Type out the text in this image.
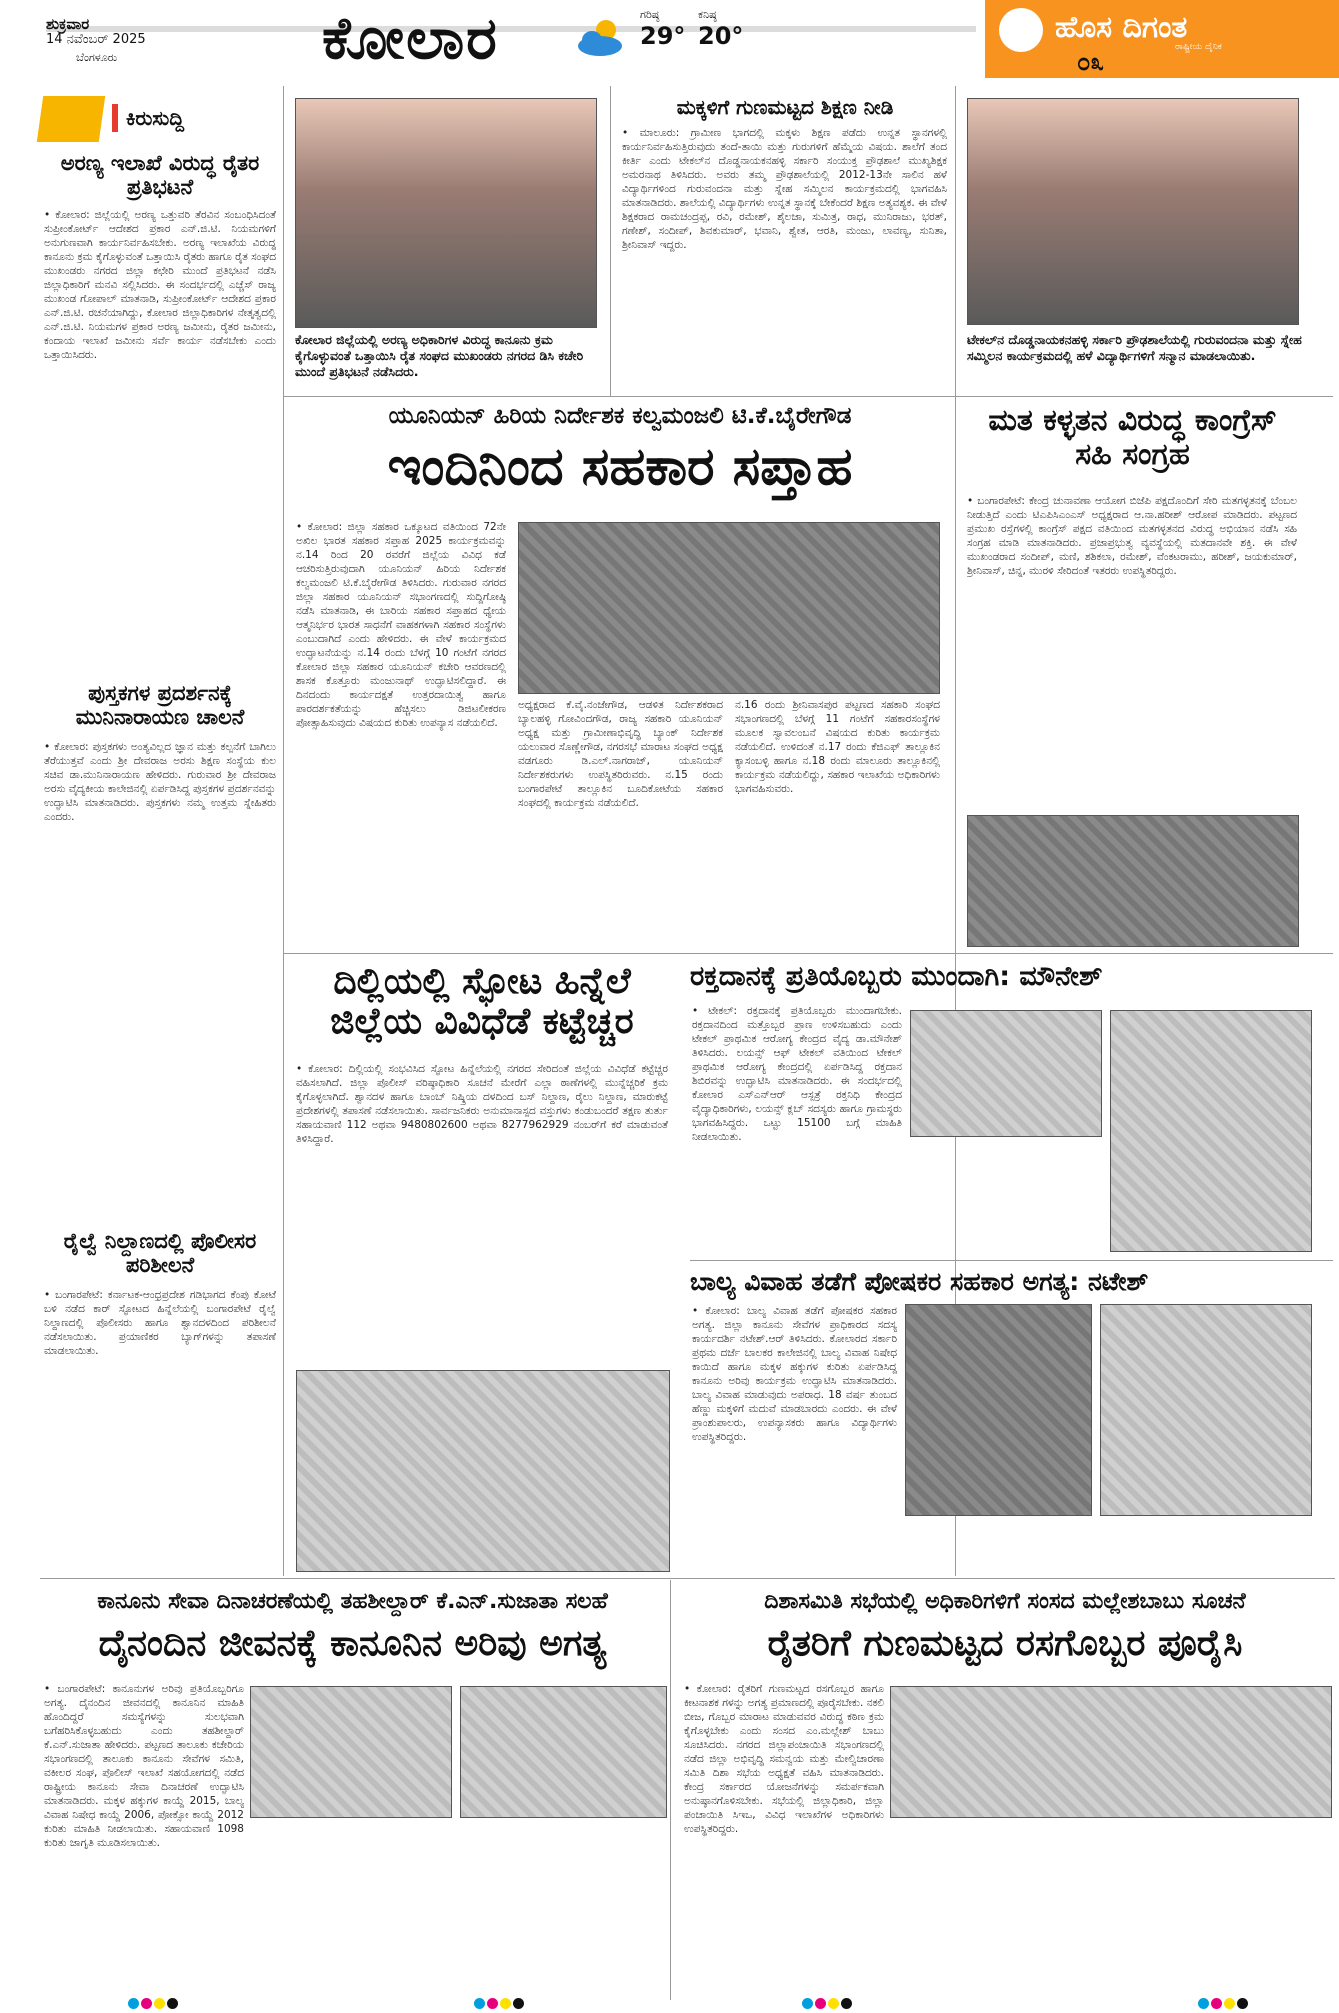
ಶುಕ್ರವಾರ
14 ನವೆಂಬರ್ 2025
ಬೆಂಗಳೂರು	ಕೋಲಾರ	ಗರಿಷ್ಠ
29°
ಕನಿಷ್ಠ
20°	ಹೊಸ ದಿಗಂತ
ರಾಷ್ಟ್ರೀಯ ದೈನಿಕ
೦೩
ಕಿರುಸುದ್ದಿ
ಅರಣ್ಯ ಇಲಾಖೆ ವಿರುದ್ಧ ರೈತರ ಪ್ರತಿಭಟನೆ
• ಕೋಲಾರ: ಜಿಲ್ಲೆಯಲ್ಲಿ ಅರಣ್ಯ ಒತ್ತುವರಿ ತೆರವಿನ ಸಂಬಂಧಿಸಿದಂತೆ ಸುಪ್ರೀಂಕೋರ್ಟ್ ಆದೇಶದ ಪ್ರಕಾರ ಎನ್.ಜಿ.ಟಿ. ನಿಯಮಗಳಿಗೆ ಅನುಗುಣವಾಗಿ ಕಾರ್ಯನಿರ್ವಹಿಸಬೇಕು. ಅರಣ್ಯ ಇಲಾಖೆಯ ವಿರುದ್ಧ ಕಾನೂನು ಕ್ರಮ ಕೈಗೊಳ್ಳುವಂತೆ ಒತ್ತಾಯಿಸಿ ರೈತರು ಹಾಗೂ ರೈತ ಸಂಘದ ಮುಖಂಡರು ನಗರದ ಜಿಲ್ಲಾ ಕಛೇರಿ ಮುಂದೆ ಪ್ರತಿಭಟನೆ ನಡೆಸಿ ಜಿಲ್ಲಾಧಿಕಾರಿಗೆ ಮನವಿ ಸಲ್ಲಿಸಿದರು. ಈ ಸಂದರ್ಭದಲ್ಲಿ ಎಚ್ಚೆಸ್ ರಾಜ್ಯ ಮುಖಂಡ ಗೋಪಾಲ್ ಮಾತನಾಡಿ, ಸುಪ್ರೀಂಕೋರ್ಟ್ ಆದೇಶದ ಪ್ರಕಾರ ಎನ್.ಜಿ.ಟಿ. ರಚನೆಯಾಗಿದ್ದು, ಕೋಲಾರ ಜಿಲ್ಲಾಧಿಕಾರಿಗಳ ನೇತೃತ್ವದಲ್ಲಿ ಎನ್.ಜಿ.ಟಿ. ನಿಯಮಗಳ ಪ್ರಕಾರ ಅರಣ್ಯ ಜಮೀನು, ರೈತರ ಜಮೀನು, ಕಂದಾಯ ಇಲಾಖೆ ಜಮೀನು ಸರ್ವೆ ಕಾರ್ಯ ನಡೆಸಬೇಕು ಎಂದು ಒತ್ತಾಯಿಸಿದರು.
ಪುಸ್ತಕಗಳ ಪ್ರದರ್ಶನಕ್ಕೆ ಮುನಿನಾರಾಯಣ ಚಾಲನೆ
• ಕೋಲಾರ: ಪುಸ್ತಕಗಳು ಅಂತ್ಯವಿಲ್ಲದ ಜ್ಞಾನ ಮತ್ತು ಕಲ್ಪನೆಗೆ ಬಾಗಿಲು ತೆರೆಯುತ್ತವೆ ಎಂದು ಶ್ರೀ ದೇವರಾಜ ಅರಸು ಶಿಕ್ಷಣ ಸಂಸ್ಥೆಯ ಕುಲ ಸಚಿವ ಡಾ.ಮುನಿನಾರಾಯಣ ಹೇಳಿದರು. ಗುರುವಾರ ಶ್ರೀ ದೇವರಾಜ ಅರಸು ವೈದ್ಯಕೀಯ ಕಾಲೇಜಿನಲ್ಲಿ ಏರ್ಪಡಿಸಿದ್ದ ಪುಸ್ತಕಗಳ ಪ್ರದರ್ಶನವನ್ನು ಉದ್ಘಾಟಿಸಿ ಮಾತನಾಡಿದರು. ಪುಸ್ತಕಗಳು ನಮ್ಮ ಉತ್ತಮ ಸ್ನೇಹಿತರು ಎಂದರು.
ರೈಲ್ವೆ ನಿಲ್ದಾಣದಲ್ಲಿ ಪೊಲೀಸರ ಪರಿಶೀಲನೆ
• ಬಂಗಾರಪೇಟೆ: ಕರ್ನಾಟಕ-ಆಂಧ್ರಪ್ರದೇಶ ಗಡಿಭಾಗದ ಕೆಂಪು ಕೋಟೆ ಬಳಿ ನಡೆದ ಕಾರ್ ಸ್ಫೋಟದ ಹಿನ್ನೆಲೆಯಲ್ಲಿ ಬಂಗಾರಪೇಟೆ ರೈಲ್ವೆ ನಿಲ್ದಾಣದಲ್ಲಿ ಪೊಲೀಸರು ಹಾಗೂ ಶ್ವಾನದಳದಿಂದ ಪರಿಶೀಲನೆ ನಡೆಸಲಾಯಿತು. ಪ್ರಯಾಣಿಕರ ಬ್ಯಾಗ್‌ಗಳನ್ನು ತಪಾಸಣೆ ಮಾಡಲಾಯಿತು.
ಕೋಲಾರ ಜಿಲ್ಲೆಯಲ್ಲಿ ಅರಣ್ಯ ಅಧಿಕಾರಿಗಳ ವಿರುದ್ಧ ಕಾನೂನು ಕ್ರಮ ಕೈಗೊಳ್ಳುವಂತೆ ಒತ್ತಾಯಿಸಿ ರೈತ ಸಂಘದ ಮುಖಂಡರು ನಗರದ ಡಿಸಿ ಕಚೇರಿ ಮುಂದೆ ಪ್ರತಿಭಟನೆ ನಡೆಸಿದರು.
ಮಕ್ಕಳಿಗೆ ಗುಣಮಟ್ಟದ ಶಿಕ್ಷಣ ನೀಡಿ
• ಮಾಲೂರು: ಗ್ರಾಮೀಣ ಭಾಗದಲ್ಲಿ ಮಕ್ಕಳು ಶಿಕ್ಷಣ ಪಡೆದು ಉನ್ನತ ಸ್ಥಾನಗಳಲ್ಲಿ ಕಾರ್ಯನಿರ್ವಹಿಸುತ್ತಿರುವುದು ತಂದೆ-ತಾಯಿ ಮತ್ತು ಗುರುಗಳಿಗೆ ಹೆಮ್ಮೆಯ ವಿಷಯ. ಶಾಲೆಗೆ ತಂದ ಕೀರ್ತಿ ಎಂದು ಟೇಕಲ್‌ನ ದೊಡ್ಡನಾಯಕನಹಳ್ಳಿ ಸರ್ಕಾರಿ ಸಂಯುಕ್ತ ಪ್ರೌಢಶಾಲೆ ಮುಖ್ಯಶಿಕ್ಷಕ ಅಮರನಾಥ ತಿಳಿಸಿದರು. ಅವರು ತಮ್ಮ ಪ್ರೌಢಶಾಲೆಯಲ್ಲಿ 2012-13ನೇ ಸಾಲಿನ ಹಳೆ ವಿದ್ಯಾರ್ಥಿಗಳಿಂದ ಗುರುವಂದನಾ ಮತ್ತು ಸ್ನೇಹ ಸಮ್ಮಿಲನ ಕಾರ್ಯಕ್ರಮದಲ್ಲಿ ಭಾಗವಹಿಸಿ ಮಾತನಾಡಿದರು. ಶಾಲೆಯಲ್ಲಿ ವಿದ್ಯಾರ್ಥಿಗಳು ಉನ್ನತ ಸ್ಥಾನಕ್ಕೆ ಬೇಕೆಂದರೆ ಶಿಕ್ಷಣ ಅತ್ಯವಶ್ಯಕ. ಈ ವೇಳೆ ಶಿಕ್ಷಕರಾದ ರಾಮಚಂದ್ರಪ್ಪ, ರವಿ, ರಮೇಶ್, ಶೈಲಜಾ, ಸುಮಿತ್ರ, ರಾಧ, ಮುನಿರಾಜು, ಭರತ್, ಗಣೇಶ್, ಸಂದೀಪ್, ಶಿವಕುಮಾರ್, ಭವಾನಿ, ಶ್ವೇತ, ಆರತಿ, ಮಂಜು, ಲಾವಣ್ಯ, ಸುನಿತಾ, ಶ್ರೀನಿವಾಸ್ ಇದ್ದರು.
ಟೇಕಲ್‌ನ ದೊಡ್ಡನಾಯಕನಹಳ್ಳಿ ಸರ್ಕಾರಿ ಪ್ರೌಢಶಾಲೆಯಲ್ಲಿ ಗುರುವಂದನಾ ಮತ್ತು ಸ್ನೇಹ ಸಮ್ಮಿಲನ ಕಾರ್ಯಕ್ರಮದಲ್ಲಿ ಹಳೆ ವಿದ್ಯಾರ್ಥಿಗಳಿಗೆ ಸನ್ಮಾನ ಮಾಡಲಾಯಿತು.
ಯೂನಿಯನ್ ಹಿರಿಯ ನಿರ್ದೇಶಕ ಕಲ್ವಮಂಜಲಿ ಟಿ.ಕೆ.ಬೈರೇಗೌಡ
ಇಂದಿನಿಂದ ಸಹಕಾರ ಸಪ್ತಾಹ
• ಕೋಲಾರ: ಜಿಲ್ಲಾ ಸಹಕಾರ ಒಕ್ಕೂಟದ ವತಿಯಿಂದ 72ನೇ ಅಖಿಲ ಭಾರತ ಸಹಕಾರ ಸಪ್ತಾಹ 2025 ಕಾರ್ಯಕ್ರಮವನ್ನು ನ.14 ರಿಂದ 20 ರವರೆಗೆ ಜಿಲ್ಲೆಯ ವಿವಿಧ ಕಡೆ ಆಚರಿಸುತ್ತಿರುವುದಾಗಿ ಯೂನಿಯನ್ ಹಿರಿಯ ನಿರ್ದೇಶಕ ಕಲ್ವಮಂಜಲಿ ಟಿ.ಕೆ.ಬೈರೇಗೌಡ ತಿಳಿಸಿದರು. ಗುರುವಾರ ನಗರದ ಜಿಲ್ಲಾ ಸಹಕಾರ ಯೂನಿಯನ್ ಸಭಾಂಗಣದಲ್ಲಿ ಸುದ್ದಿಗೋಷ್ಠಿ ನಡೆಸಿ ಮಾತನಾಡಿ, ಈ ಬಾರಿಯ ಸಹಕಾರ ಸಪ್ತಾಹದ ಧ್ಯೇಯ ಆತ್ಮನಿರ್ಭರ ಭಾರತ ಸಾಧನೆಗೆ ವಾಹಕಗಳಾಗಿ ಸಹಕಾರ ಸಂಸ್ಥೆಗಳು ಎಂಬುದಾಗಿದೆ ಎಂದು ಹೇಳಿದರು. ಈ ವೇಳೆ ಕಾರ್ಯಕ್ರಮದ ಉದ್ಘಾಟನೆಯನ್ನು ನ.14 ರಂದು ಬೆಳಗ್ಗೆ 10 ಗಂಟೆಗೆ ನಗರದ ಕೋಲಾರ ಜಿಲ್ಲಾ ಸಹಕಾರ ಯೂನಿಯನ್ ಕಚೇರಿ ಆವರಣದಲ್ಲಿ ಶಾಸಕ ಕೊತ್ತೂರು ಮಂಜುನಾಥ್ ಉದ್ಘಾಟಿಸಲಿದ್ದಾರೆ. ಈ ದಿನದಂದು ಕಾರ್ಯದಕ್ಷತೆ ಉತ್ತರದಾಯಿತ್ವ ಹಾಗೂ ಪಾರದರ್ಶಕತೆಯನ್ನು ಹೆಚ್ಚಿಸಲು ಡಿಜಿಟಲೀಕರಣ ಪೋತ್ಸಾಹಿಸುವುದು ವಿಷಯದ ಕುರಿತು ಉಪನ್ಯಾಸ ನಡೆಯಲಿದೆ.
ಅಧ್ಯಕ್ಷರಾದ ಕೆ.ವೈ.ನಂಜೇಗೌಡ, ಆಡಳಿತ ನಿರ್ದೇಶಕರಾದ ಬ್ಯಾಲಹಳ್ಳಿ ಗೋವಿಂದಗೌಡ, ರಾಜ್ಯ ಸಹಕಾರಿ ಯೂನಿಯನ್ ಅಧ್ಯಕ್ಷ ಮತ್ತು ಗ್ರಾಮೀಣಾಭಿವೃದ್ಧಿ ಬ್ಯಾಂಕ್ ನಿರ್ದೇಶಕ ಯಲುವಾರ ಸೊಣ್ಣೇಗೌಡ, ನಗರಸಭೆ ಮಾರಾಟ ಸಂಘದ ಅಧ್ಯಕ್ಷ ವಡಗೂರು ಡಿ.ಎಲ್.ನಾಗರಾಜ್, ಯೂನಿಯನ್ ನಿರ್ದೇಶಕರುಗಳು ಉಪಸ್ಥಿತರಿರುವರು. ನ.15 ರಂದು ಬಂಗಾರಪೇಟೆ ತಾಲ್ಲೂಕಿನ ಬೂದಿಕೋಟೆಯ ಸಹಕಾರ ಸಂಘದಲ್ಲಿ ಕಾರ್ಯಕ್ರಮ ನಡೆಯಲಿದೆ.
ನ.16 ರಂದು ಶ್ರೀನಿವಾಸಪುರ ಪಟ್ಟಣದ ಸಹಕಾರಿ ಸಂಘದ ಸಭಾಂಗಣದಲ್ಲಿ ಬೆಳಗ್ಗೆ 11 ಗಂಟೆಗೆ ಸಹಕಾರಸಂಸ್ಥೆಗಳ ಮೂಲಕ ಸ್ವಾವಲಂಬನೆ ವಿಷಯದ ಕುರಿತು ಕಾರ್ಯಕ್ರಮ ನಡೆಯಲಿದೆ. ಉಳಿದಂತೆ ನ.17 ರಂದು ಕೆಜಿಎಫ್ ತಾಲ್ಲೂಕಿನ ಕ್ಯಾಸಂಬಳ್ಳಿ ಹಾಗೂ ನ.18 ರಂದು ಮಾಲೂರು ತಾಲ್ಲೂಕಿನಲ್ಲಿ ಕಾರ್ಯಕ್ರಮ ನಡೆಯಲಿದ್ದು, ಸಹಕಾರ ಇಲಾಖೆಯ ಅಧಿಕಾರಿಗಳು ಭಾಗವಹಿಸುವರು.
ಮತ ಕಳ್ಳತನ ವಿರುದ್ಧ ಕಾಂಗ್ರೆಸ್ ಸಹಿ ಸಂಗ್ರಹ
• ಬಂಗಾರಪೇಟೆ: ಕೇಂದ್ರ ಚುನಾವಣಾ ಆಯೋಗ ಬಿಜೆಪಿ ಪಕ್ಷದೊಂದಿಗೆ ಸೇರಿ ಮತಗಳ್ಳತನಕ್ಕೆ ಬೆಂಬಲ ನೀಡುತ್ತಿದೆ ಎಂದು ಟಿಎಪಿಸಿಎಂಎಸ್ ಅಧ್ಯಕ್ಷರಾದ ಆ.ನಾ.ಹರೀಶ್ ಆರೋಪ ಮಾಡಿದರು. ಪಟ್ಟಣದ ಪ್ರಮುಖ ರಸ್ತೆಗಳಲ್ಲಿ ಕಾಂಗ್ರೆಸ್ ಪಕ್ಷದ ವತಿಯಿಂದ ಮತಗಳ್ಳತನದ ವಿರುದ್ಧ ಅಭಿಯಾನ ನಡೆಸಿ ಸಹಿ ಸಂಗ್ರಹ ಮಾಡಿ ಮಾತನಾಡಿದರು. ಪ್ರಜಾಪ್ರಭುತ್ವ ವ್ಯವಸ್ಥೆಯಲ್ಲಿ ಮತದಾನವೇ ಶಕ್ತಿ. ಈ ವೇಳೆ ಮುಖಂಡರಾದ ಸಂದೀಪ್, ಮಣಿ, ಶಶಿಕಲಾ, ರಮೇಶ್, ವೆಂಕಟರಾಮು, ಹರೀಶ್, ಜಯಕುಮಾರ್, ಶ್ರೀನಿವಾಸ್, ಚಿನ್ನ, ಮುರಳಿ ಸೇರಿದಂತೆ ಇತರರು ಉಪಸ್ಥಿತರಿದ್ದರು.
ದಿಲ್ಲಿಯಲ್ಲಿ ಸ್ಫೋಟ ಹಿನ್ನೆಲೆ ಜಿಲ್ಲೆಯ ವಿವಿಧೆಡೆ ಕಟ್ಟೆಚ್ಚರ
• ಕೋಲಾರ: ದಿಲ್ಲಿಯಲ್ಲಿ ಸಂಭವಿಸಿದ ಸ್ಫೋಟ ಹಿನ್ನೆಲೆಯಲ್ಲಿ ನಗರದ ಸೇರಿದಂತೆ ಜಿಲ್ಲೆಯ ವಿವಿಧೆಡೆ ಕಟ್ಟೆಚ್ಚರ ವಹಿಸಲಾಗಿದೆ. ಜಿಲ್ಲಾ ಪೊಲೀಸ್ ವರಿಷ್ಠಾಧಿಕಾರಿ ಸೂಚನೆ ಮೇರೆಗೆ ಎಲ್ಲಾ ಠಾಣೆಗಳಲ್ಲಿ ಮುನ್ನೆಚ್ಚರಿಕೆ ಕ್ರಮ ಕೈಗೊಳ್ಳಲಾಗಿದೆ. ಶ್ವಾನದಳ ಹಾಗೂ ಬಾಂಬ್ ನಿಷ್ಕ್ರಿಯ ದಳದಿಂದ ಬಸ್ ನಿಲ್ದಾಣ, ರೈಲು ನಿಲ್ದಾಣ, ಮಾರುಕಟ್ಟೆ ಪ್ರದೇಶಗಳಲ್ಲಿ ತಪಾಸಣೆ ನಡೆಸಲಾಯಿತು. ಸಾರ್ವಜನಿಕರು ಅನುಮಾನಾಸ್ಪದ ವಸ್ತುಗಳು ಕಂಡುಬಂದರೆ ತಕ್ಷಣ ತುರ್ತು ಸಹಾಯವಾಣಿ 112 ಅಥವಾ 9480802600 ಅಥವಾ 8277962929 ನಂಬರ್‌ಗೆ ಕರೆ ಮಾಡುವಂತೆ ತಿಳಿಸಿದ್ದಾರೆ.
ರಕ್ತದಾನಕ್ಕೆ ಪ್ರತಿಯೊಬ್ಬರು ಮುಂದಾಗಿ: ಮೌನೇಶ್
• ಟೇಕಲ್: ರಕ್ತದಾನಕ್ಕೆ ಪ್ರತಿಯೊಬ್ಬರು ಮುಂದಾಗಬೇಕು. ರಕ್ತದಾನದಿಂದ ಮತ್ತೊಬ್ಬರ ಪ್ರಾಣ ಉಳಿಸಬಹುದು ಎಂದು ಟೇಕಲ್ ಪ್ರಾಥಮಿಕ ಆರೋಗ್ಯ ಕೇಂದ್ರದ ವೈದ್ಯ ಡಾ.ಮೌನೇಶ್ ತಿಳಿಸಿದರು. ಲಯನ್ಸ್ ಆಫ್ ಟೇಕಲ್ ವತಿಯಿಂದ ಟೇಕಲ್ ಪ್ರಾಥಮಿಕ ಆರೋಗ್ಯ ಕೇಂದ್ರದಲ್ಲಿ ಏರ್ಪಡಿಸಿದ್ದ ರಕ್ತದಾನ ಶಿಬಿರವನ್ನು ಉದ್ಘಾಟಿಸಿ ಮಾತನಾಡಿದರು. ಈ ಸಂದರ್ಭದಲ್ಲಿ ಕೋಲಾರ ಎಸ್‌ಎನ್‌ಆರ್ ಆಸ್ಪತ್ರೆ ರಕ್ತನಿಧಿ ಕೇಂದ್ರದ ವೈದ್ಯಾಧಿಕಾರಿಗಳು, ಲಯನ್ಸ್ ಕ್ಲಬ್ ಸದಸ್ಯರು ಹಾಗೂ ಗ್ರಾಮಸ್ಥರು ಭಾಗವಹಿಸಿದ್ದರು. ಒಟ್ಟು 15100 ಬಗ್ಗೆ ಮಾಹಿತಿ ನೀಡಲಾಯಿತು.
ಬಾಲ್ಯ ವಿವಾಹ ತಡೆಗೆ ಪೋಷಕರ ಸಹಕಾರ ಅಗತ್ಯ: ನಟೇಶ್
• ಕೋಲಾರ: ಬಾಲ್ಯ ವಿವಾಹ ತಡೆಗೆ ಪೋಷಕರ ಸಹಕಾರ ಅಗತ್ಯ. ಜಿಲ್ಲಾ ಕಾನೂನು ಸೇವೆಗಳ ಪ್ರಾಧಿಕಾರದ ಸದಸ್ಯ ಕಾರ್ಯದರ್ಶಿ ನಟೇಶ್.ಆರ್ ತಿಳಿಸಿದರು. ಕೋಲಾರದ ಸರ್ಕಾರಿ ಪ್ರಥಮ ದರ್ಜೆ ಬಾಲಕರ ಕಾಲೇಜಿನಲ್ಲಿ ಬಾಲ್ಯ ವಿವಾಹ ನಿಷೇಧ ಕಾಯಿದೆ ಹಾಗೂ ಮಕ್ಕಳ ಹಕ್ಕುಗಳ ಕುರಿತು ಏರ್ಪಡಿಸಿದ್ದ ಕಾನೂನು ಅರಿವು ಕಾರ್ಯಕ್ರಮ ಉದ್ಘಾಟಿಸಿ ಮಾತನಾಡಿದರು. ಬಾಲ್ಯ ವಿವಾಹ ಮಾಡುವುದು ಅಪರಾಧ. 18 ವರ್ಷ ತುಂಬದ ಹೆಣ್ಣು ಮಕ್ಕಳಿಗೆ ಮದುವೆ ಮಾಡಬಾರದು ಎಂದರು. ಈ ವೇಳೆ ಪ್ರಾಂಶುಪಾಲರು, ಉಪನ್ಯಾಸಕರು ಹಾಗೂ ವಿದ್ಯಾರ್ಥಿಗಳು ಉಪಸ್ಥಿತರಿದ್ದರು.
ಕಾನೂನು ಸೇವಾ ದಿನಾಚರಣೆಯಲ್ಲಿ ತಹಶೀಲ್ದಾರ್ ಕೆ.ಎನ್.ಸುಜಾತಾ ಸಲಹೆ
ದೈನಂದಿನ ಜೀವನಕ್ಕೆ ಕಾನೂನಿನ ಅರಿವು ಅಗತ್ಯ
• ಬಂಗಾರಪೇಟೆ: ಕಾನೂನುಗಳ ಅರಿವು ಪ್ರತಿಯೊಬ್ಬರಿಗೂ ಅಗತ್ಯ. ದೈನಂದಿನ ಜೀವನದಲ್ಲಿ ಕಾನೂನಿನ ಮಾಹಿತಿ ಹೊಂದಿದ್ದರೆ ಸಮಸ್ಯೆಗಳನ್ನು ಸುಲಭವಾಗಿ ಬಗೆಹರಿಸಿಕೊಳ್ಳಬಹುದು ಎಂದು ತಹಶೀಲ್ದಾರ್ ಕೆ.ಎನ್.ಸುಜಾತಾ ಹೇಳಿದರು. ಪಟ್ಟಣದ ತಾಲೂಕು ಕಚೇರಿಯ ಸಭಾಂಗಣದಲ್ಲಿ ತಾಲೂಕು ಕಾನೂನು ಸೇವೆಗಳ ಸಮಿತಿ, ವಕೀಲರ ಸಂಘ, ಪೊಲೀಸ್ ಇಲಾಖೆ ಸಹಯೋಗದಲ್ಲಿ ನಡೆದ ರಾಷ್ಟ್ರೀಯ ಕಾನೂನು ಸೇವಾ ದಿನಾಚರಣೆ ಉದ್ಘಾಟಿಸಿ ಮಾತನಾಡಿದರು. ಮಕ್ಕಳ ಹಕ್ಕುಗಳ ಕಾಯ್ದೆ 2015, ಬಾಲ್ಯ ವಿವಾಹ ನಿಷೇಧ ಕಾಯ್ದೆ 2006, ಪೋಕ್ಸೋ ಕಾಯ್ದೆ 2012 ಕುರಿತು ಮಾಹಿತಿ ನೀಡಲಾಯಿತು. ಸಹಾಯವಾಣಿ 1098 ಕುರಿತು ಜಾಗೃತಿ ಮೂಡಿಸಲಾಯಿತು.
ದಿಶಾಸಮಿತಿ ಸಭೆಯಲ್ಲಿ ಅಧಿಕಾರಿಗಳಿಗೆ ಸಂಸದ ಮಲ್ಲೇಶಬಾಬು ಸೂಚನೆ
ರೈತರಿಗೆ ಗುಣಮಟ್ಟದ ರಸಗೊಬ್ಬರ ಪೂರೈಸಿ
• ಕೋಲಾರ: ರೈತರಿಗೆ ಗುಣಮಟ್ಟದ ರಸಗೊಬ್ಬರ ಹಾಗೂ ಕೀಟನಾಶಕ ಗಳನ್ನು ಅಗತ್ಯ ಪ್ರಮಾಣದಲ್ಲಿ ಪೂರೈಸಬೇಕು. ನಕಲಿ ಬೀಜ, ಗೊಬ್ಬರ ಮಾರಾಟ ಮಾಡುವವರ ವಿರುದ್ಧ ಕಠಿಣ ಕ್ರಮ ಕೈಗೊಳ್ಳಬೇಕು ಎಂದು ಸಂಸದ ಎಂ.ಮಲ್ಲೇಶ್ ಬಾಬು ಸೂಚಿಸಿದರು. ನಗರದ ಜಿಲ್ಲಾಪಂಚಾಯಿತಿ ಸಭಾಂಗಣದಲ್ಲಿ ನಡೆದ ಜಿಲ್ಲಾ ಅಭಿವೃದ್ಧಿ ಸಮನ್ವಯ ಮತ್ತು ಮೇಲ್ವಿಚಾರಣಾ ಸಮಿತಿ ದಿಶಾ ಸಭೆಯ ಅಧ್ಯಕ್ಷತೆ ವಹಿಸಿ ಮಾತನಾಡಿದರು. ಕೇಂದ್ರ ಸರ್ಕಾರದ ಯೋಜನೆಗಳನ್ನು ಸಮರ್ಪಕವಾಗಿ ಅನುಷ್ಠಾನಗೊಳಿಸಬೇಕು. ಸಭೆಯಲ್ಲಿ ಜಿಲ್ಲಾಧಿಕಾರಿ, ಜಿಲ್ಲಾ ಪಂಚಾಯಿತಿ ಸಿಇಒ, ವಿವಿಧ ಇಲಾಖೆಗಳ ಅಧಿಕಾರಿಗಳು ಉಪಸ್ಥಿತರಿದ್ದರು.
